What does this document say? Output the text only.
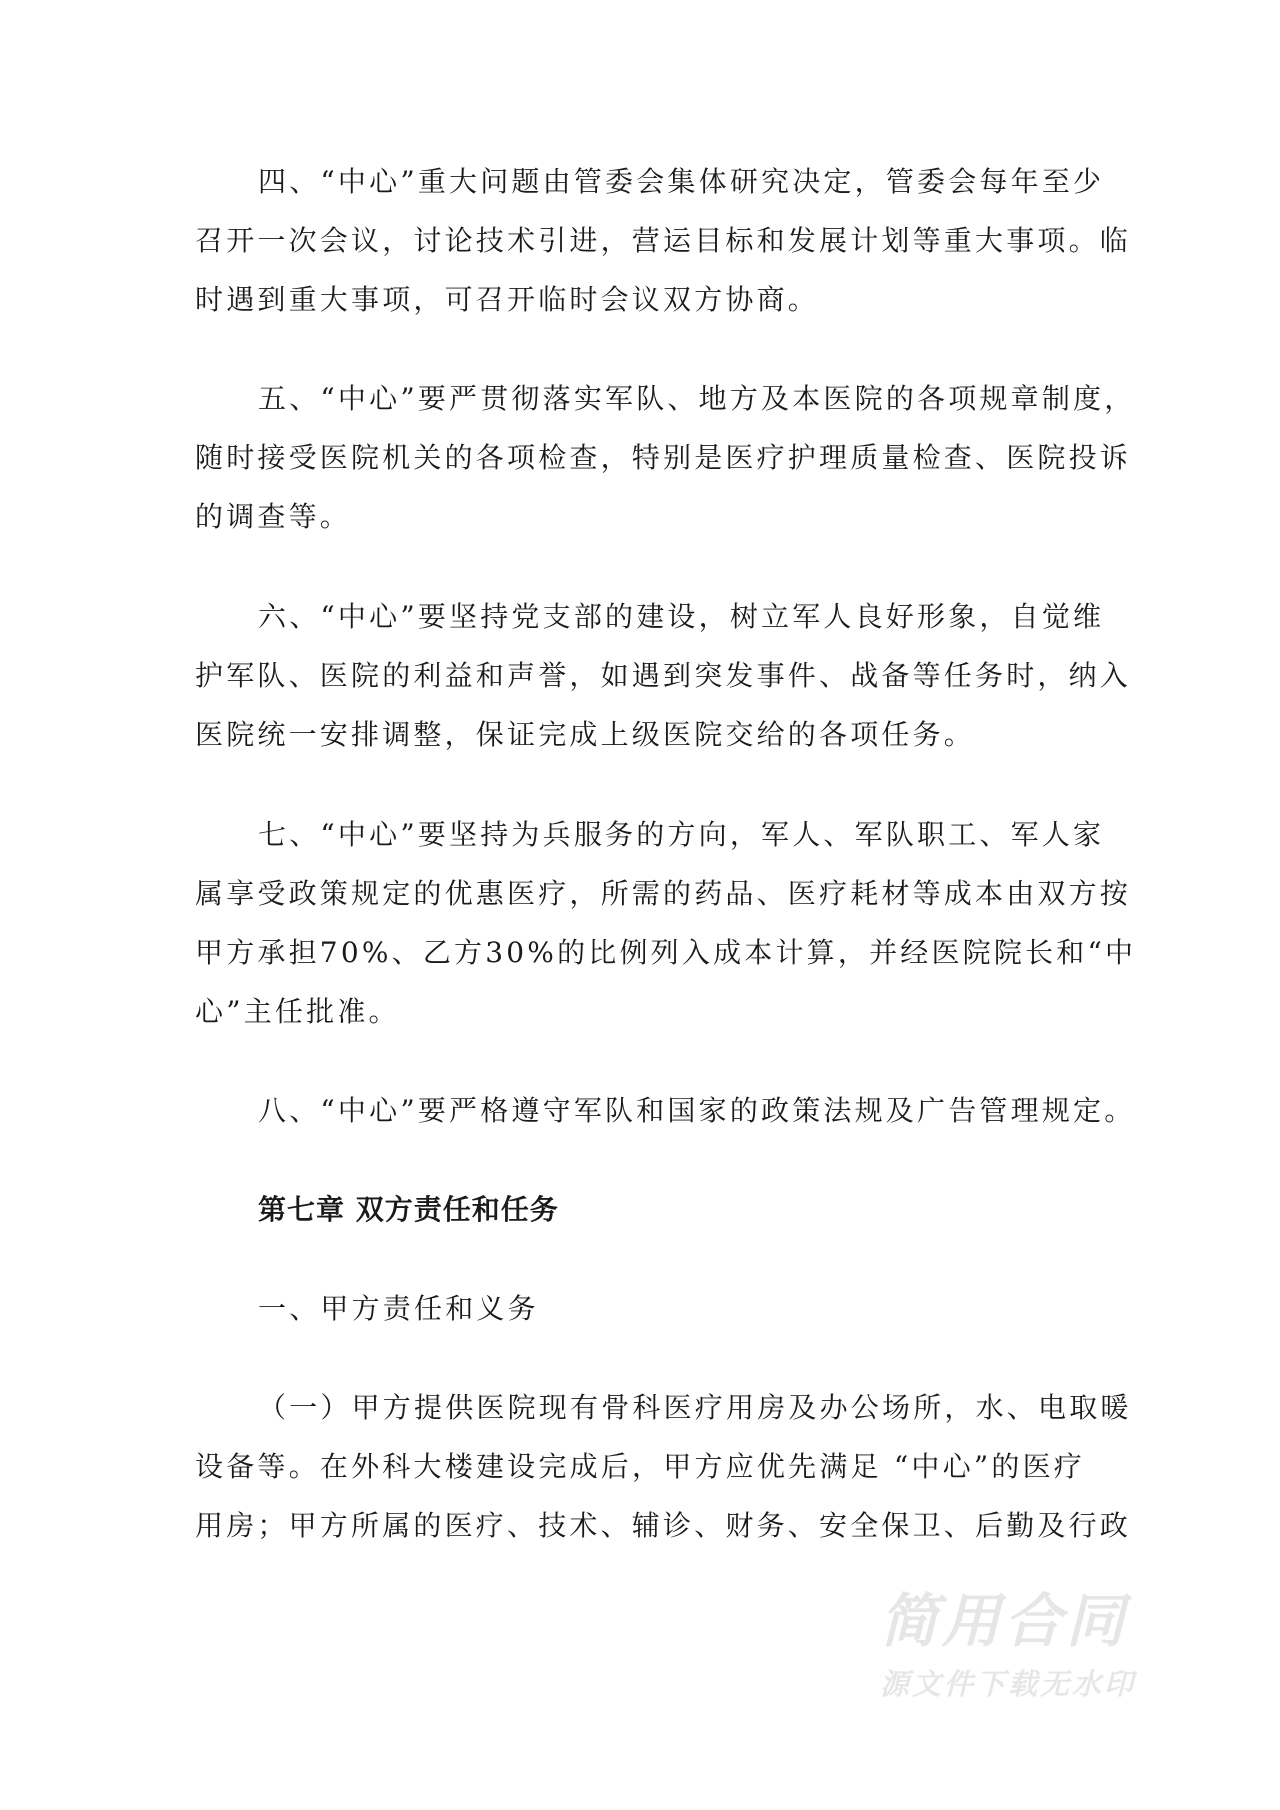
四、“中心”重大问题由管委会集体研究决定，管委会每年至少
召开一次会议，讨论技术引进，营运目标和发展计划等重大事项。临
时遇到重大事项，可召开临时会议双方协商。
五、“中心”要严贯彻落实军队、地方及本医院的各项规章制度，
随时接受医院机关的各项检查，特别是医疗护理质量检查、医院投诉
的调查等。
六、“中心”要坚持党支部的建设，树立军人良好形象，自觉维
护军队、医院的利益和声誉，如遇到突发事件、战备等任务时，纳入
医院统一安排调整，保证完成上级医院交给的各项任务。
七、“中心”要坚持为兵服务的方向，军人、军队职工、军人家
属享受政策规定的优惠医疗，所需的药品、医疗耗材等成本由双方按
甲方承担70%、乙方30%的比例列入成本计算，并经医院院长和“中
心”主任批准。
八、“中心”要严格遵守军队和国家的政策法规及广告管理规定。
第七章 双方责任和任务
一、甲方责任和义务
（一）甲方提供医院现有骨科医疗用房及办公场所，水、电取暖
设备等。在外科大楼建设完成后，甲方应优先满足 “中心”的医疗
用房；甲方所属的医疗、技术、辅诊、财务、安全保卫、后勤及行政
简用合同
源文件下载无水印
